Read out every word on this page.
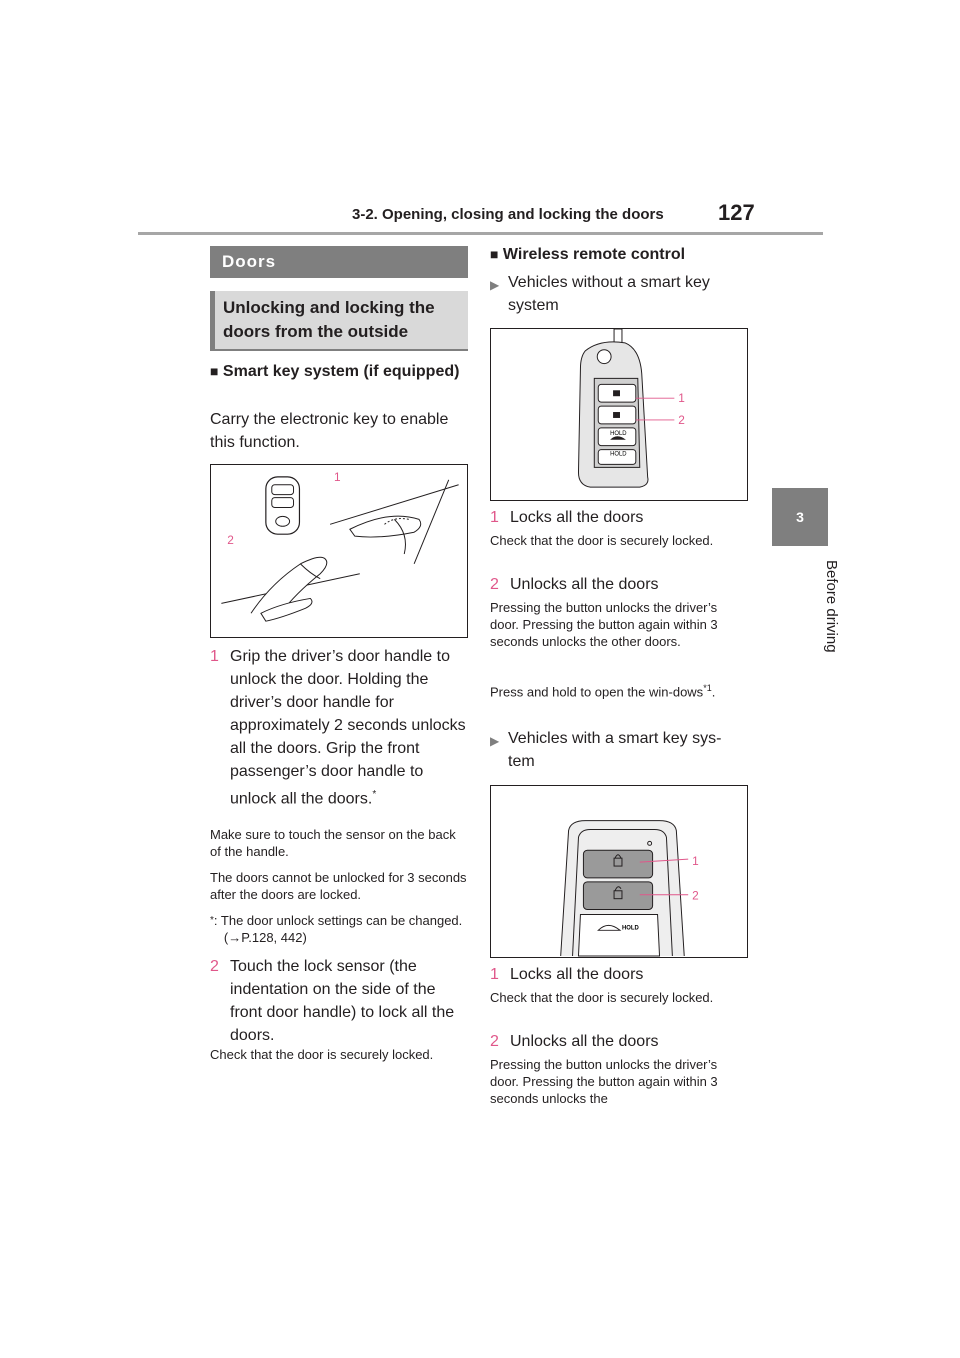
3-2. Opening, closing and locking the doors 127
3
Before driving
Doors
Unlocking and locking the doors from the outside
■ Smart key system (if equipped)
Carry the electronic key to enable this function.
1
2
1 Grip the driver’s door handle to unlock the door. Holding the driver’s door handle for approximately 2 seconds unlocks all the doors. Grip the front passenger’s door handle to unlock all the doors.*
Make sure to touch the sensor on the back of the handle.
The doors cannot be unlocked for 3 seconds after the doors are locked.
* : The door unlock settings can be changed. (→P.128, 442)
2 Touch the lock sensor (the indentation on the side of the front door handle) to lock all the doors.
Check that the door is securely locked.
■ Wireless remote control
▶ Vehicles without a smart key system
HOLD
HOLD
1
2
1 Locks all the doors
Check that the door is securely locked.
2 Unlocks all the doors
Pressing the button unlocks the driver’s door. Pressing the button again within 3 seconds unlocks the other doors.
Press and hold to open the win-dows$^{*1}$.
▶ Vehicles with a smart key sys-tem
HOLD
1
2
1 Locks all the doors
Check that the door is securely locked.
2 Unlocks all the doors
Pressing the button unlocks the driver’s door. Pressing the button again within 3 seconds unlocks the
